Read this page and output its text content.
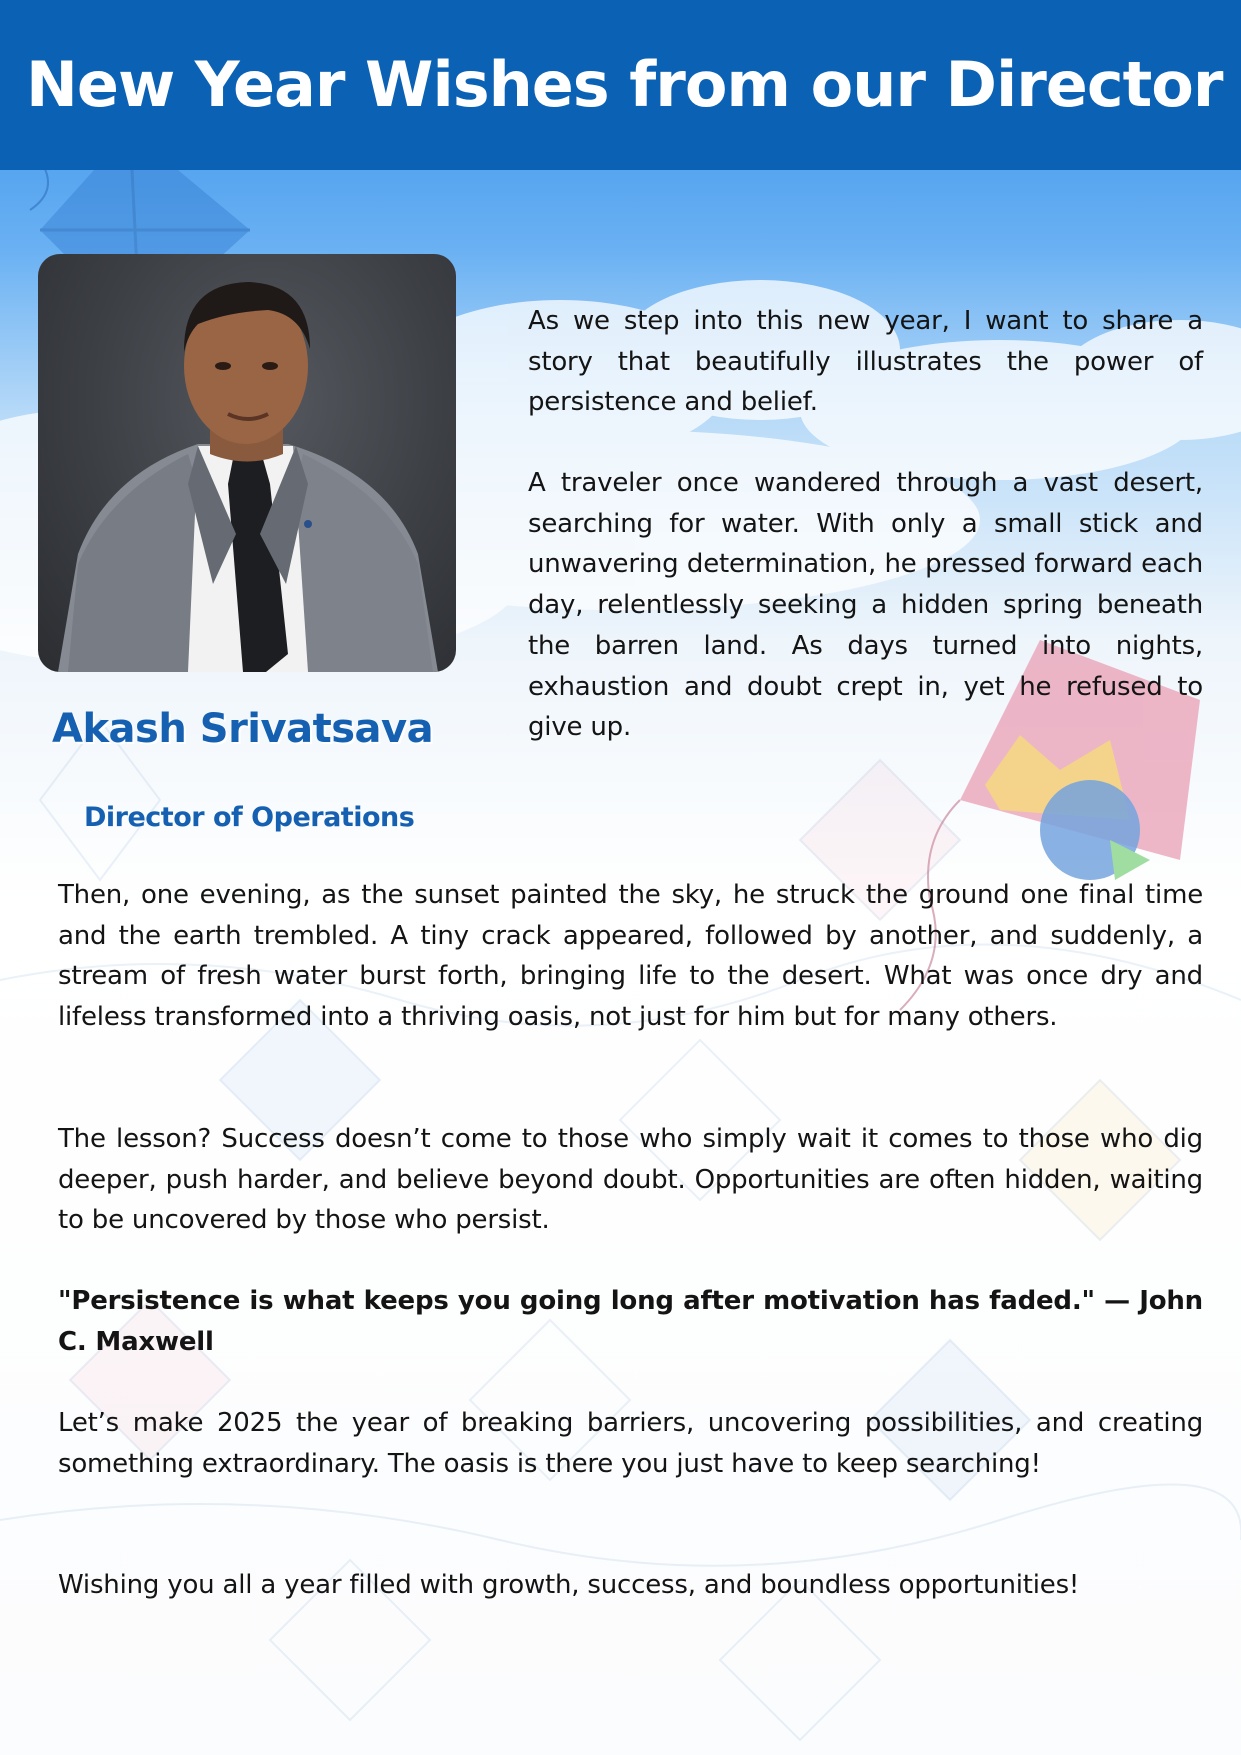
New Year Wishes from our Director
Akash Srivatsava
Director of Operations

As we step into this new year, I want to share a story that beautifully illustrates the power of persistence and belief.

A traveler once wandered through a vast desert, searching for water. With only a small stick and unwavering determination, he pressed forward each day, relentlessly seeking a hidden spring beneath the barren land. As days turned into nights, exhaustion and doubt crept in, yet he refused to give up.

Then, one evening, as the sunset painted the sky, he struck the ground one final time and the earth trembled. A tiny crack appeared, followed by another, and suddenly, a stream of fresh water burst forth, bringing life to the desert. What was once dry and lifeless transformed into a thriving oasis, not just for him but for many others.

The lesson? Success doesn’t come to those who simply wait it comes to those who dig deeper, push harder, and believe beyond doubt. Opportunities are often hidden, waiting to be uncovered by those who persist.

"Persistence is what keeps you going long after motivation has faded." — John C. Maxwell

Let’s make 2025 the year of breaking barriers, uncovering possibilities, and creating something extraordinary. The oasis is there you just have to keep searching!

Wishing you all a year filled with growth, success, and boundless opportunities!
